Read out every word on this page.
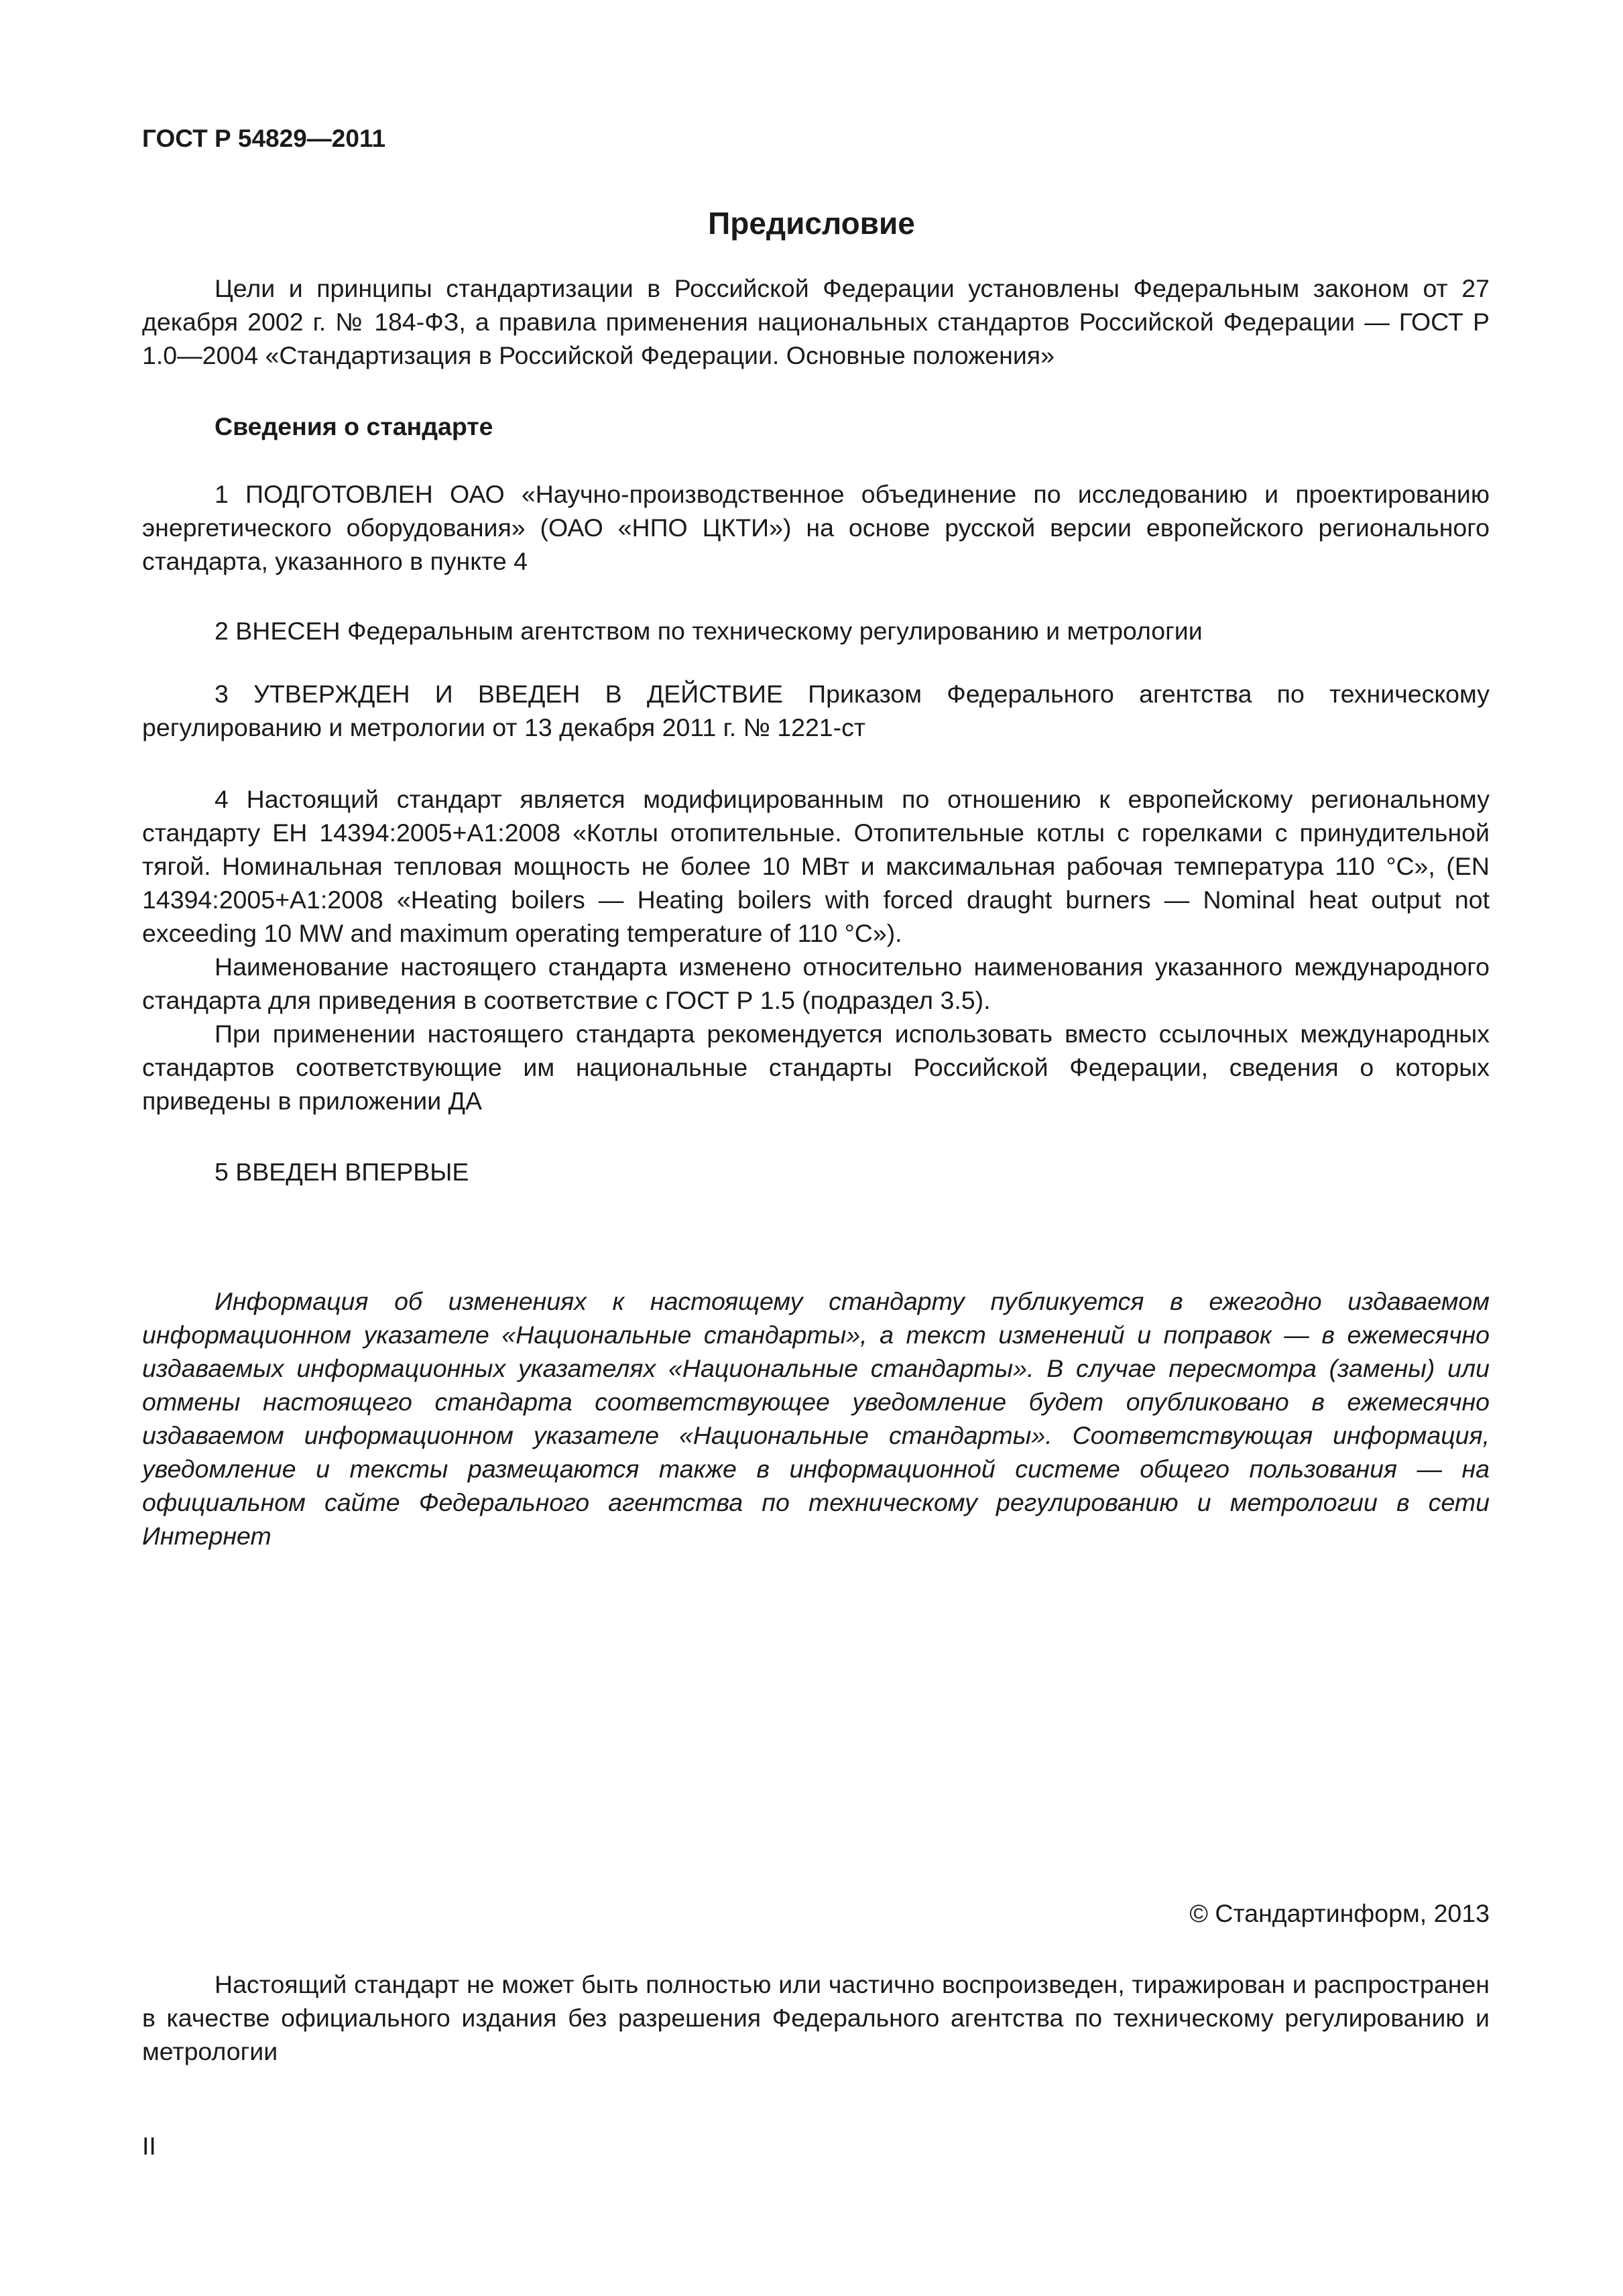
ГОСТ Р 54829—2011
Предисловие

Цели и принципы стандартизации в Российской Федерации установлены Федеральным законом от 27 декабря 2002 г. № 184-ФЗ, а правила применения национальных стандартов Российской Федерации — ГОСТ Р 1.0—2004 «Стандартизация в Российской Федерации. Основные положения»

Сведения о стандарте

1 ПОДГОТОВЛЕН ОАО «Научно-производственное объединение по исследованию и проектированию энергетического оборудования» (ОАО «НПО ЦКТИ») на основе русской версии европейского регионального стандарта, указанного в пункте 4

2 ВНЕСЕН Федеральным агентством по техническому регулированию и метрологии

3 УТВЕРЖДЕН И ВВЕДЕН В ДЕЙСТВИЕ Приказом Федерального агентства по техническому регулированию и метрологии от 13 декабря 2011 г. № 1221-ст

4 Настоящий стандарт является модифицированным по отношению к европейскому региональному стандарту ЕН 14394:2005+А1:2008 «Котлы отопительные. Отопительные котлы с горелками с принудительной тягой. Номинальная тепловая мощность не более 10 МВт и максимальная рабочая температура 110 °С», (EN 14394:2005+A1:2008 «Heating boilers — Heating boilers with forced draught burners — Nominal heat output not exceeding 10 MW and maximum operating temperature of 110 °C»).

Наименование настоящего стандарта изменено относительно наименования указанного международного стандарта для приведения в соответствие с ГОСТ Р 1.5 (подраздел 3.5).

При применении настоящего стандарта рекомендуется использовать вместо ссылочных международных стандартов соответствующие им национальные стандарты Российской Федерации, сведения о которых приведены в приложении ДА

5 ВВЕДЕН ВПЕРВЫЕ

Информация об изменениях к настоящему стандарту публикуется в ежегодно издаваемом информационном указателе «Национальные стандарты», а текст изменений и поправок — в ежемесячно издаваемых информационных указателях «Национальные стандарты». В случае пересмотра (замены) или отмены настоящего стандарта соответствующее уведомление будет опубликовано в ежемесячно издаваемом информационном указателе «Национальные стандарты». Соответствующая информация, уведомление и тексты размещаются также в информационной системе общего пользования — на официальном сайте Федерального агентства по техническому регулированию и метрологии в сети Интернет

© Стандартинформ, 2013

Настоящий стандарт не может быть полностью или частично воспроизведен, тиражирован и распространен в качестве официального издания без разрешения Федерального агентства по техническому регулированию и метрологии

II
